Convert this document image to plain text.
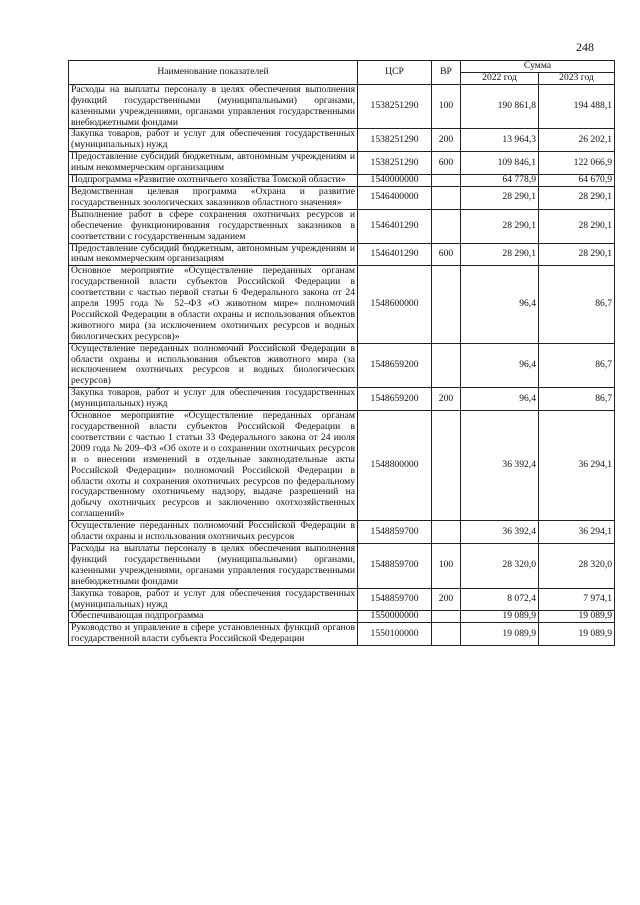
248
Наименование показателей	ЦСР	ВР	Сумма	
			2022 год	2023 год
Расходы на выплаты персоналу в целях обеспечения выполнения функций государственными (муниципальными) органами, казенными учреждениями, органами управления государственными внебюджетными фондами	1538251290	100	190 861,8	194 488,1
Закупка товаров, работ и услуг для обеспечения государственных (муниципальных) нужд	1538251290	200	13 964,3	26 202,1
Предоставление субсидий бюджетным, автономным учреждениям и иным некоммерческим организациям	1538251290	600	109 846,1	122 066,9
Подпрограмма «Развитие охотничьего хозяйства Томской области»	1540000000		64 778,9	64 670,9
Ведомственная целевая программа «Охрана и развитие государственных зоологических заказников областного значения»	1546400000		28 290,1	28 290,1
Выполнение работ в сфере сохранения охотничьих ресурсов и обеспечение функционирования государственных заказников в соответствии с государственным заданием	1546401290		28 290,1	28 290,1
Предоставление субсидий бюджетным, автономным учреждениям и иным некоммерческим организациям	1546401290	600	28 290,1	28 290,1
Основное мероприятие «Осуществление переданных органам государственной власти субъектов Российской Федерации в соответствии с частью первой статьи 6 Федерального закона от 24 апреля 1995 года № 52–ФЗ «О животном мире» полномочий Российской Федерации в области охраны и использования объектов животного мира (за исключением охотничьих ресурсов и водных биологических ресурсов)»	1548600000		96,4	86,7
Осуществление переданных полномочий Российской Федерации в области охраны и использования объектов животного мира (за исключением охотничьих ресурсов и водных биологических ресурсов)	1548659200		96,4	86,7
Закупка товаров, работ и услуг для обеспечения государственных (муниципальных) нужд	1548659200	200	96,4	86,7
Основное мероприятие «Осуществление переданных органам государственной власти субъектов Российской Федерации в соответствии с частью 1 статьи 33 Федерального закона от 24 июля 2009 года № 209–ФЗ «Об охоте и о сохранении охотничьих ресурсов и о внесении изменений в отдельные законодательные акты Российской Федерации» полномочий Российской Федерации в области охоты и сохранения охотничьих ресурсов по федеральному государственному охотничьему надзору, выдаче разрешений на добычу охотничьих ресурсов и заключению охотхозяйственных соглашений»	1548800000		36 392,4	36 294,1
Осуществление переданных полномочий Российской Федерации в области охраны и использования охотничьих ресурсов	1548859700		36 392,4	36 294,1
Расходы на выплаты персоналу в целях обеспечения выполнения функций государственными (муниципальными) органами, казенными учреждениями, органами управления государственными внебюджетными фондами	1548859700	100	28 320,0	28 320,0
Закупка товаров, работ и услуг для обеспечения государственных (муниципальных) нужд	1548859700	200	8 072,4	7 974,1
Обеспечивающая подпрограмма	1550000000		19 089,9	19 089,9
Руководство и управление в сфере установленных функций органов государственной власти субъекта Российской Федерации	1550100000		19 089,9	19 089,9
